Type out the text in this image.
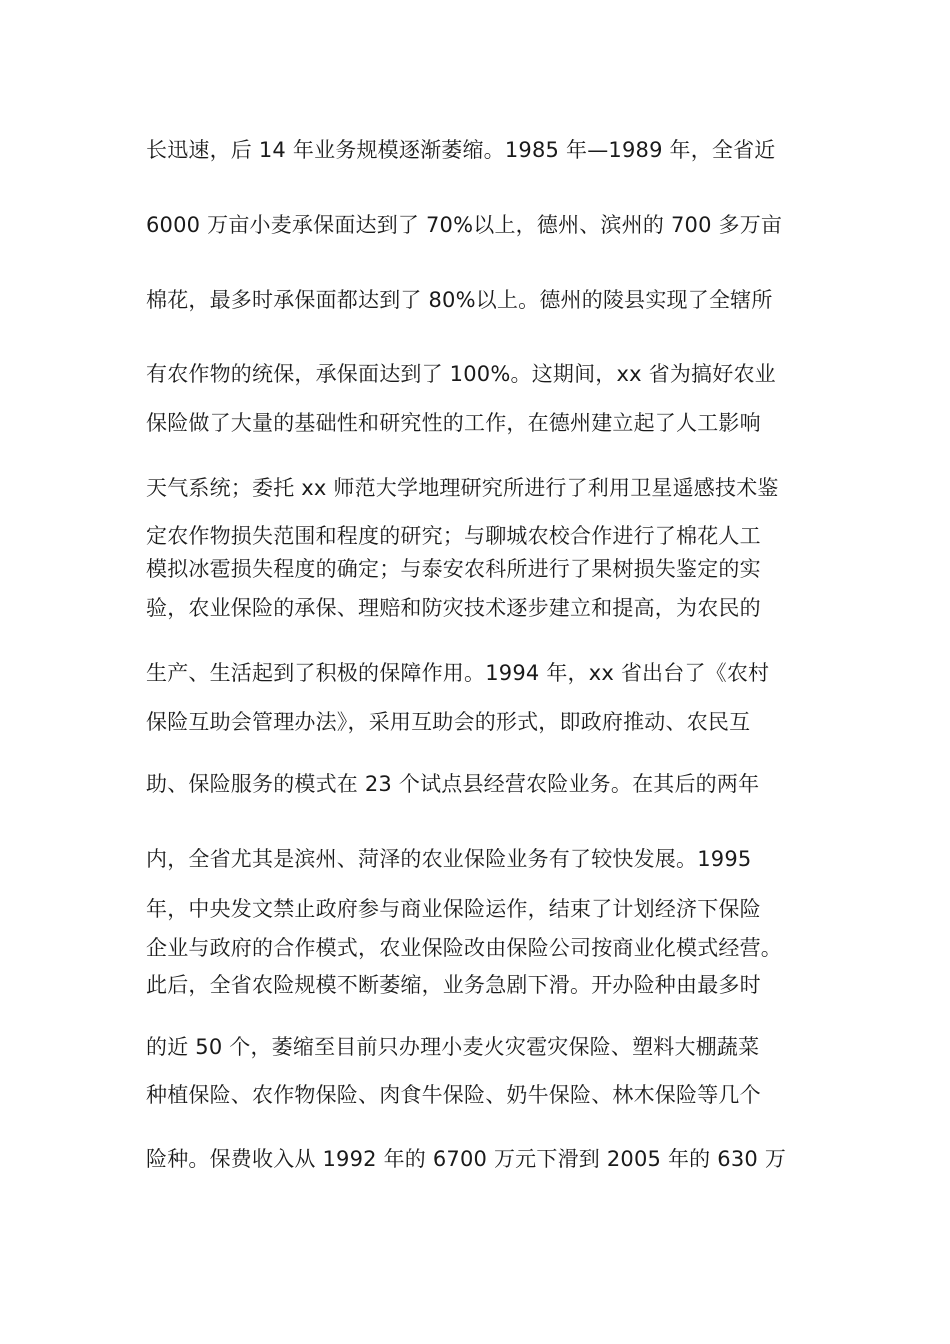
长迅速，后 14 年业务规模逐渐萎缩。1985 年—1989 年，全省近
6000 万亩小麦承保面达到了 70%以上，德州、滨州的 700 多万亩
棉花，最多时承保面都达到了 80%以上。德州的陵县实现了全辖所
有农作物的统保，承保面达到了 100%。这期间，xx 省为搞好农业
保险做了大量的基础性和研究性的工作，在德州建立起了人工影响
天气系统；委托 xx 师范大学地理研究所进行了利用卫星遥感技术鉴
定农作物损失范围和程度的研究；与聊城农校合作进行了棉花人工
模拟冰雹损失程度的确定；与泰安农科所进行了果树损失鉴定的实
验，农业保险的承保、理赔和防灾技术逐步建立和提高，为农民的
生产、生活起到了积极的保障作用。1994 年，xx 省出台了《农村
保险互助会管理办法》，采用互助会的形式，即政府推动、农民互
助、保险服务的模式在 23 个试点县经营农险业务。在其后的两年
内，全省尤其是滨州、菏泽的农业保险业务有了较快发展。1995
年，中央发文禁止政府参与商业保险运作，结束了计划经济下保险
企业与政府的合作模式，农业保险改由保险公司按商业化模式经营。
此后，全省农险规模不断萎缩，业务急剧下滑。开办险种由最多时
的近 50 个，萎缩至目前只办理小麦火灾雹灾保险、塑料大棚蔬菜
种植保险、农作物保险、肉食牛保险、奶牛保险、林木保险等几个
险种。保费收入从 1992 年的 6700 万元下滑到 2005 年的 630 万
